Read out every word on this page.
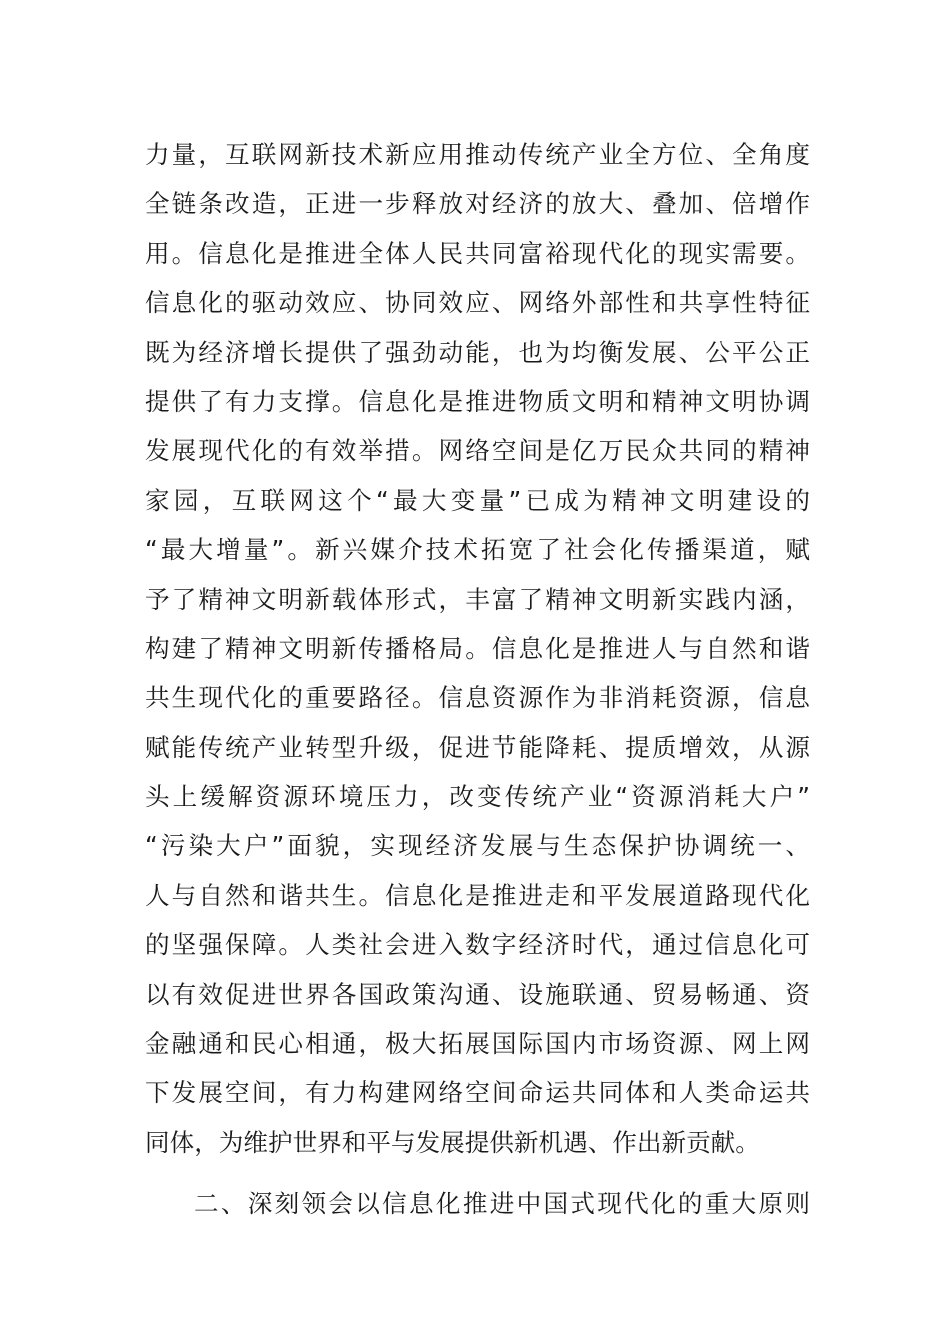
力量，互联网新技术新应用推动传统产业全方位、全角度
全链条改造，正进一步释放对经济的放大、叠加、倍增作
用。信息化是推进全体人民共同富裕现代化的现实需要。
信息化的驱动效应、协同效应、网络外部性和共享性特征
既为经济增长提供了强劲动能，也为均衡发展、公平公正
提供了有力支撑。信息化是推进物质文明和精神文明协调
发展现代化的有效举措。网络空间是亿万民众共同的精神
家园，互联网这个“最大变量”已成为精神文明建设的
“最大增量”。新兴媒介技术拓宽了社会化传播渠道，赋
予了精神文明新载体形式，丰富了精神文明新实践内涵，
构建了精神文明新传播格局。信息化是推进人与自然和谐
共生现代化的重要路径。信息资源作为非消耗资源，信息
赋能传统产业转型升级，促进节能降耗、提质增效，从源
头上缓解资源环境压力，改变传统产业“资源消耗大户”
“污染大户”面貌，实现经济发展与生态保护协调统一、
人与自然和谐共生。信息化是推进走和平发展道路现代化
的坚强保障。人类社会进入数字经济时代，通过信息化可
以有效促进世界各国政策沟通、设施联通、贸易畅通、资
金融通和民心相通，极大拓展国际国内市场资源、网上网
下发展空间，有力构建网络空间命运共同体和人类命运共
同体，为维护世界和平与发展提供新机遇、作出新贡献。
二、深刻领会以信息化推进中国式现代化的重大原则
